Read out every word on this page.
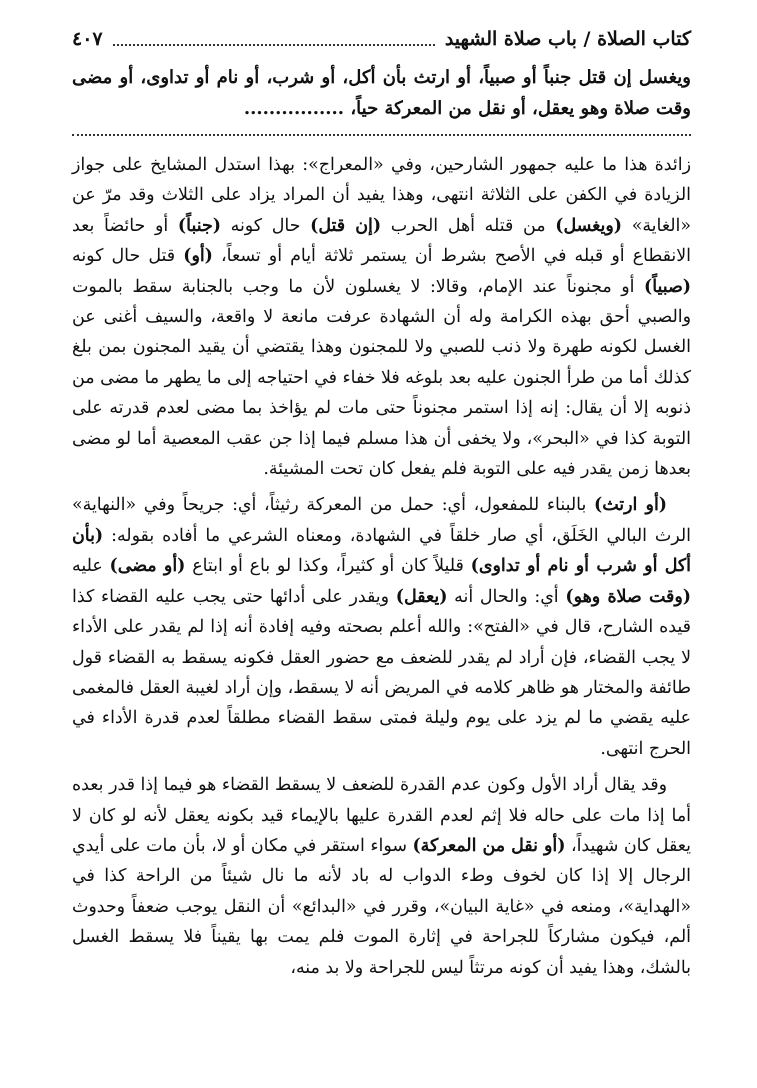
كتاب الصلاة / باب صلاة الشهيد
٤٠٧
ويغسل إن قتل جنباً أو صبياً، أو ارتث بأن أكل، أو شرب، أو نام أو تداوى، أو مضى وقت صلاة وهو يعقل، أو نقل من المعركة حياً، ................

زائدة هذا ما عليه جمهور الشارحين، وفي «المعراج»: بهذا استدل المشايخ على جواز الزيادة في الكفن على الثلاثة انتهى، وهذا يفيد أن المراد يزاد على الثلاث وقد مرّ عن «الغاية» (ويغسل) من قتله أهل الحرب (إن قتل) حال كونه (جنباً) أو حائضاً بعد الانقطاع أو قبله في الأصح بشرط أن يستمر ثلاثة أيام أو تسعاً، (أو) قتل حال كونه (صبياً) أو مجنوناً عند الإمام، وقالا: لا يغسلون لأن ما وجب بالجنابة سقط بالموت والصبي أحق بهذه الكرامة وله أن الشهادة عرفت مانعة لا واقعة، والسيف أغنى عن الغسل لكونه طهرة ولا ذنب للصبي ولا للمجنون وهذا يقتضي أن يقيد المجنون بمن بلغ كذلك أما من طرأ الجنون عليه بعد بلوغه فلا خفاء في احتياجه إلى ما يطهر ما مضى من ذنوبه إلا أن يقال: إنه إذا استمر مجنوناً حتى مات لم يؤاخذ بما مضى لعدم قدرته على التوبة كذا في «البحر»، ولا يخفى أن هذا مسلم فيما إذا جن عقب المعصية أما لو مضى بعدها زمن يقدر فيه على التوبة فلم يفعل كان تحت المشيئة.

(أو ارتث) بالبناء للمفعول، أي: حمل من المعركة رثيثاً، أي: جريحاً وفي «النهاية» الرث البالي الخَلَق، أي صار خلقاً في الشهادة، ومعناه الشرعي ما أفاده بقوله: (بأن أكل أو شرب أو نام أو تداوى) قليلاً كان أو كثيراً، وكذا لو باع أو ابتاع (أو مضى) عليه (وقت صلاة وهو) أي: والحال أنه (يعقل) ويقدر على أدائها حتى يجب عليه القضاء كذا قيده الشارح، قال في «الفتح»: والله أعلم بصحته وفيه إفادة أنه إذا لم يقدر على الأداء لا يجب القضاء، فإن أراد لم يقدر للضعف مع حضور العقل فكونه يسقط به القضاء قول طائفة والمختار هو ظاهر كلامه في المريض أنه لا يسقط، وإن أراد لغيبة العقل فالمغمى عليه يقضي ما لم يزد على يوم وليلة فمتى سقط القضاء مطلقاً لعدم قدرة الأداء في الحرج انتهى.

وقد يقال أراد الأول وكون عدم القدرة للضعف لا يسقط القضاء هو فيما إذا قدر بعده أما إذا مات على حاله فلا إثم لعدم القدرة عليها بالإيماء قيد بكونه يعقل لأنه لو كان لا يعقل كان شهيداً، (أو نقل من المعركة) سواء استقر في مكان أو لا، بأن مات على أيدي الرجال إلا إذا كان لخوف وطء الدواب له باد لأنه ما نال شيئاً من الراحة كذا في «الهداية»، ومنعه في «غاية البيان»، وقرر في «البدائع» أن النقل يوجب ضعفاً وحدوث ألم، فيكون مشاركاً للجراحة في إثارة الموت فلم يمت بها يقيناً فلا يسقط الغسل بالشك، وهذا يفيد أن كونه مرتثاً ليس للجراحة ولا بد منه،
